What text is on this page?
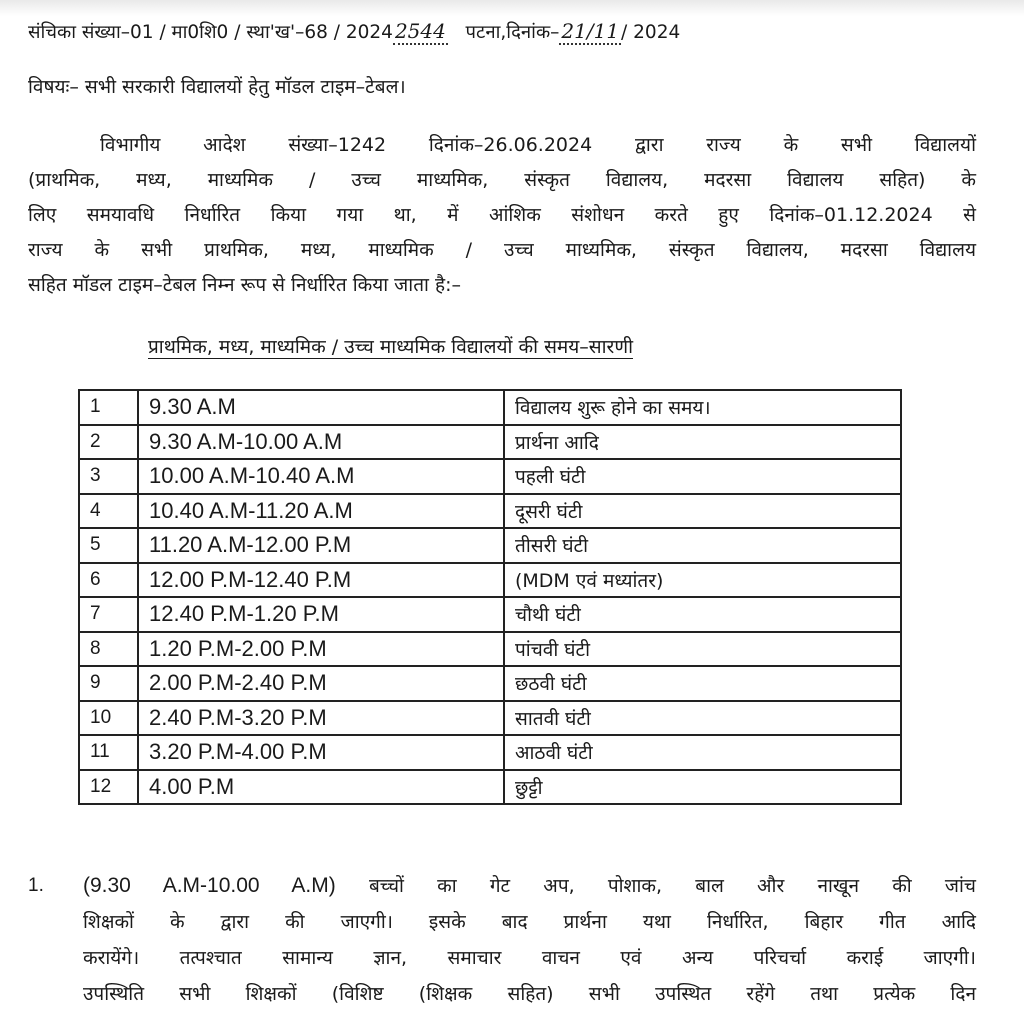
संचिका संख्या–01 / मा0शि0 / स्था'ख'–68 / 2024 2544 पटना,दिनांक– 21/11 / 2024
विषयः– सभी सरकारी विद्यालयों हेतु मॉडल टाइम–टेबल।
विभागीय आदेश संख्या–1242 दिनांक–26.06.2024 द्वारा राज्य के सभी विद्यालयों
(प्राथमिक, मध्य, माध्यमिक / उच्च माध्यमिक, संस्कृत विद्यालय, मदरसा विद्यालय सहित) के
लिए समयावधि निर्धारित किया गया था, में आंशिक संशोधन करते हुए दिनांक–01.12.2024 से
राज्य के सभी प्राथमिक, मध्य, माध्यमिक / उच्च माध्यमिक, संस्कृत विद्यालय, मदरसा विद्यालय
सहित मॉडल टाइम–टेबल निम्न रूप से निर्धारित किया जाता है:–
प्राथमिक, मध्य, माध्यमिक / उच्च माध्यमिक विद्यालयों की समय–सारणी
1	9.30 A.M	विद्यालय शुरू होने का समय।
2	9.30 A.M-10.00 A.M	प्रार्थना आदि
3	10.00 A.M-10.40 A.M	पहली घंटी
4	10.40 A.M-11.20 A.M	दूसरी घंटी
5	11.20 A.M-12.00 P.M	तीसरी घंटी
6	12.00 P.M-12.40 P.M	(MDM एवं मध्यांतर)
7	12.40 P.M-1.20 P.M	चौथी घंटी
8	1.20 P.M-2.00 P.M	पांचवी घंटी
9	2.00 P.M-2.40 P.M	छठवी घंटी
10	2.40 P.M-3.20 P.M	सातवी घंटी
11	3.20 P.M-4.00 P.M	आठवी घंटी
12	4.00 P.M	छुट्टी
1. (9.30 A.M-10.00 A.M) बच्चों का गेट अप, पोशाक, बाल और नाखून की जांच
शिक्षकों के द्वारा की जाएगी। इसके बाद प्रार्थना यथा निर्धारित, बिहार गीत आदि
करायेंगे। तत्पश्चात सामान्य ज्ञान, समाचार वाचन एवं अन्य परिचर्चा कराई जाएगी।
उपस्थिति सभी शिक्षकों (विशिष्ट (शिक्षक सहित) सभी उपस्थित रहेंगे तथा प्रत्येक दिन
